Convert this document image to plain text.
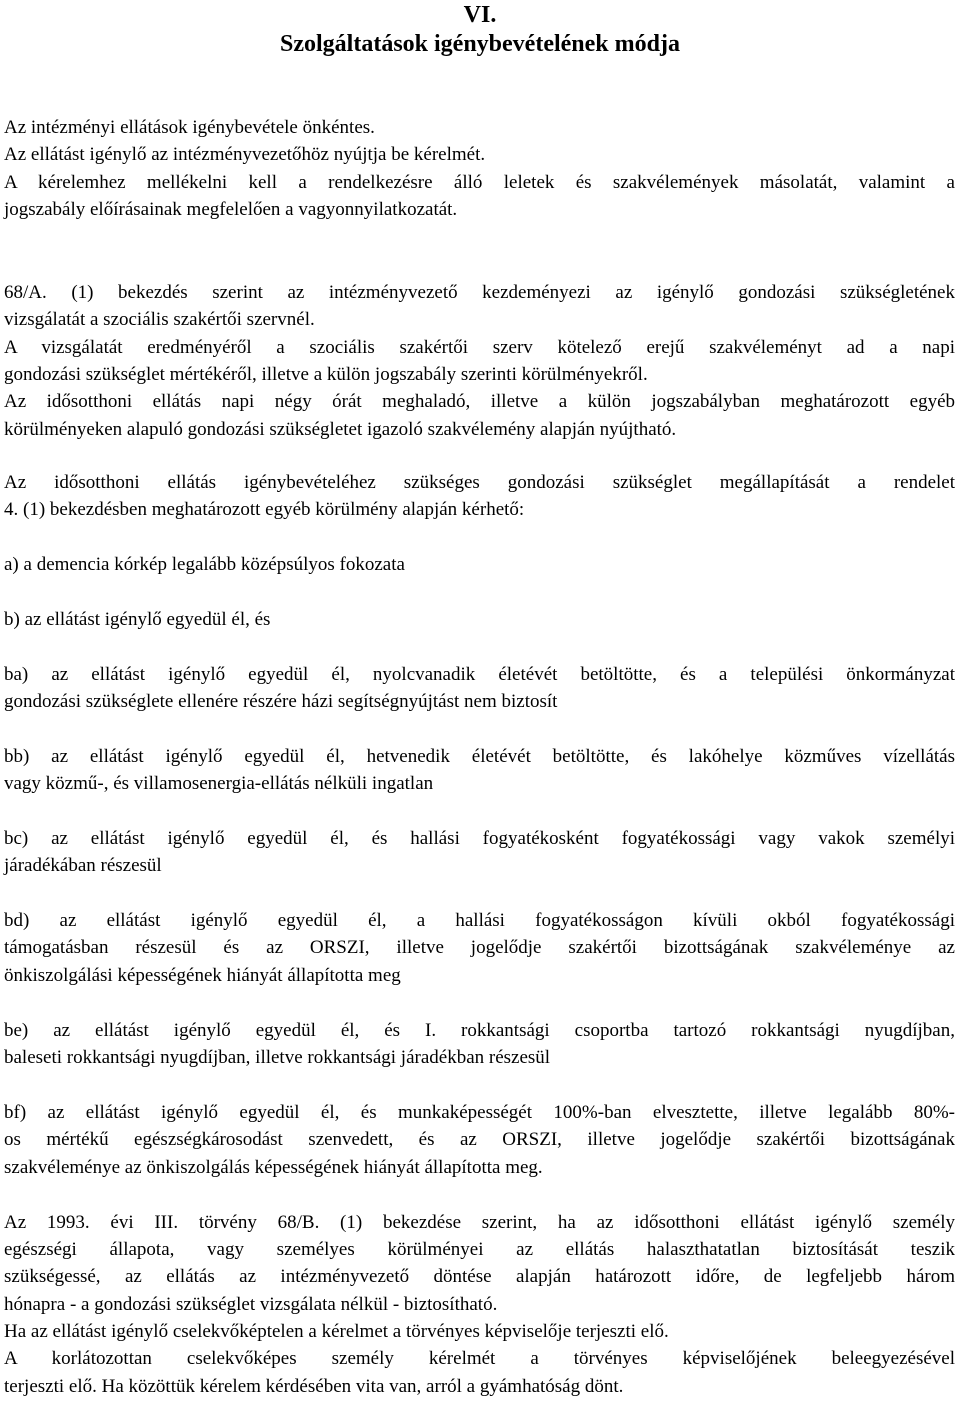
VI.
Szolgáltatások igénybevételének módja
Az intézményi ellátások igénybevétele önkéntes.
Az ellátást igénylő az intézményvezetőhöz nyújtja be kérelmét.
A kérelemhez mellékelni kell a rendelkezésre álló leletek és szakvélemények másolatát, valamint a
jogszabály előírásainak megfelelően a vagyonnyilatkozatát.
68/A. (1) bekezdés szerint az intézményvezető kezdeményezi az igénylő gondozási szükségletének
vizsgálatát a szociális szakértői szervnél.
A vizsgálatát eredményéről a szociális szakértői szerv kötelező erejű szakvéleményt ad a napi
gondozási szükséglet mértékéről, illetve a külön jogszabály szerinti körülményekről.
Az idősotthoni ellátás napi négy órát meghaladó, illetve a külön jogszabályban meghatározott egyéb
körülményeken alapuló gondozási szükségletet igazoló szakvélemény alapján nyújtható.
Az idősotthoni ellátás igénybevételéhez szükséges gondozási szükséglet megállapítását a rendelet
4. (1) bekezdésben meghatározott egyéb körülmény alapján kérhető:
a) a demencia kórkép legalább középsúlyos fokozata
b) az ellátást igénylő egyedül él, és
ba) az ellátást igénylő egyedül él, nyolcvanadik életévét betöltötte, és a települési önkormányzat
gondozási szükséglete ellenére részére házi segítségnyújtást nem biztosít
bb) az ellátást igénylő egyedül él, hetvenedik életévét betöltötte, és lakóhelye közműves vízellátás
vagy közmű-, és villamosenergia-ellátás nélküli ingatlan
bc) az ellátást igénylő egyedül él, és hallási fogyatékosként fogyatékossági vagy vakok személyi
járadékában részesül
bd) az ellátást igénylő egyedül él, a hallási fogyatékosságon kívüli okból fogyatékossági
támogatásban részesül és az ORSZI, illetve jogelődje szakértői bizottságának szakvéleménye az
önkiszolgálási képességének hiányát állapította meg
be) az ellátást igénylő egyedül él, és I. rokkantsági csoportba tartozó rokkantsági nyugdíjban,
baleseti rokkantsági nyugdíjban, illetve rokkantsági járadékban részesül
bf) az ellátást igénylő egyedül él, és munkaképességét 100%-ban elvesztette, illetve legalább 80%-
os mértékű egészségkárosodást szenvedett, és az ORSZI, illetve jogelődje szakértői bizottságának
szakvéleménye az önkiszolgálás képességének hiányát állapította meg.
Az 1993. évi III. törvény 68/B. (1) bekezdése szerint, ha az idősotthoni ellátást igénylő személy
egészségi állapota, vagy személyes körülményei az ellátás halaszthatatlan biztosítását teszik
szükségessé, az ellátás az intézményvezető döntése alapján határozott időre, de legfeljebb három
hónapra - a gondozási szükséglet vizsgálata nélkül - biztosítható.
Ha az ellátást igénylő cselekvőképtelen a kérelmet a törvényes képviselője terjeszti elő.
A korlátozottan cselekvőképes személy kérelmét a törvényes képviselőjének beleegyezésével
terjeszti elő. Ha közöttük kérelem kérdésében vita van, arról a gyámhatóság dönt.
